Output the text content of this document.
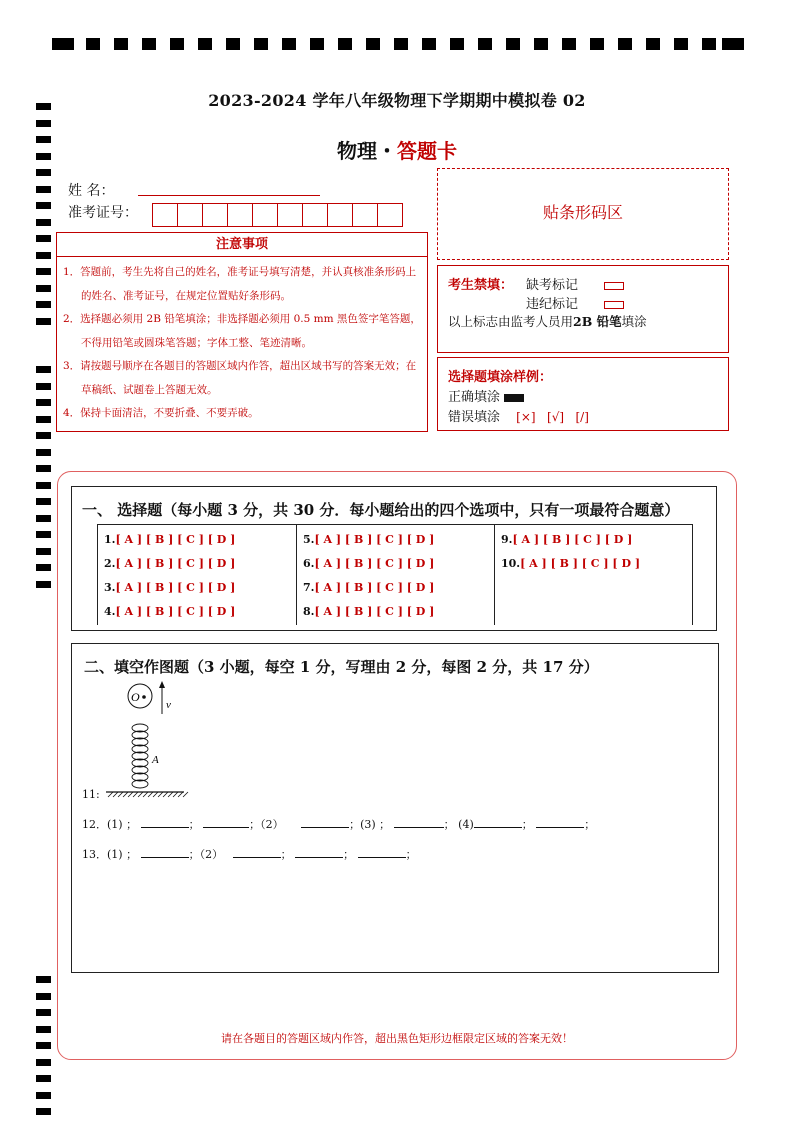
2023-2024 学年八年级物理下学期期中模拟卷 02
物理・答题卡
姓 名：
准考证号：
注意事项

1．答题前，考生先将自己的姓名，准考证号填写清楚，并认真核准条形码上的姓名、准考证号，在规定位置贴好条形码。

2．选择题必须用 2B 铅笔填涂；非选择题必须用 0.5 mm 黑色签字笔答题，不得用铅笔或圆珠笔答题；字体工整、笔迹清晰。

3．请按题号顺序在各题目的答题区域内作答，超出区域书写的答案无效；在草稿纸、试题卷上答题无效。

4．保持卡面清洁，不要折叠、不要弄破。

贴条形码区
考生禁填： 缺考标记
违纪标记
以上标志由监考人员用2B 铅笔填涂
选择题填涂样例：
正确填涂
错误填涂 [×]   [√]   [/]
一、 选择题（每小题 3 分，共 30 分．每小题给出的四个选项中，只有一项最符合题意）
1.[ A ] [ B ] [ C ] [ D ]
2.[ A ] [ B ] [ C ] [ D ]
3.[ A ] [ B ] [ C ] [ D ]
4.[ A ] [ B ] [ C ] [ D ]
5.[ A ] [ B ] [ C ] [ D ]
6.[ A ] [ B ] [ C ] [ D ]
7.[ A ] [ B ] [ C ] [ D ]
8.[ A ] [ B ] [ C ] [ D ]
9.[ A ] [ B ] [ C ] [ D ]
10.[ A ] [ B ] [ C ] [ D ]
二、填空作图题（3 小题，每空 1 分，写理由 2 分，每图 2 分，共 17 分）
O
v
A
11:
12．(1) ；	；	；（2）	；(3) ；	； (4)	；	；
13．(1) ；	；（2）	；	；	；
请在各题目的答题区域内作答，超出黑色矩形边框限定区域的答案无效！
